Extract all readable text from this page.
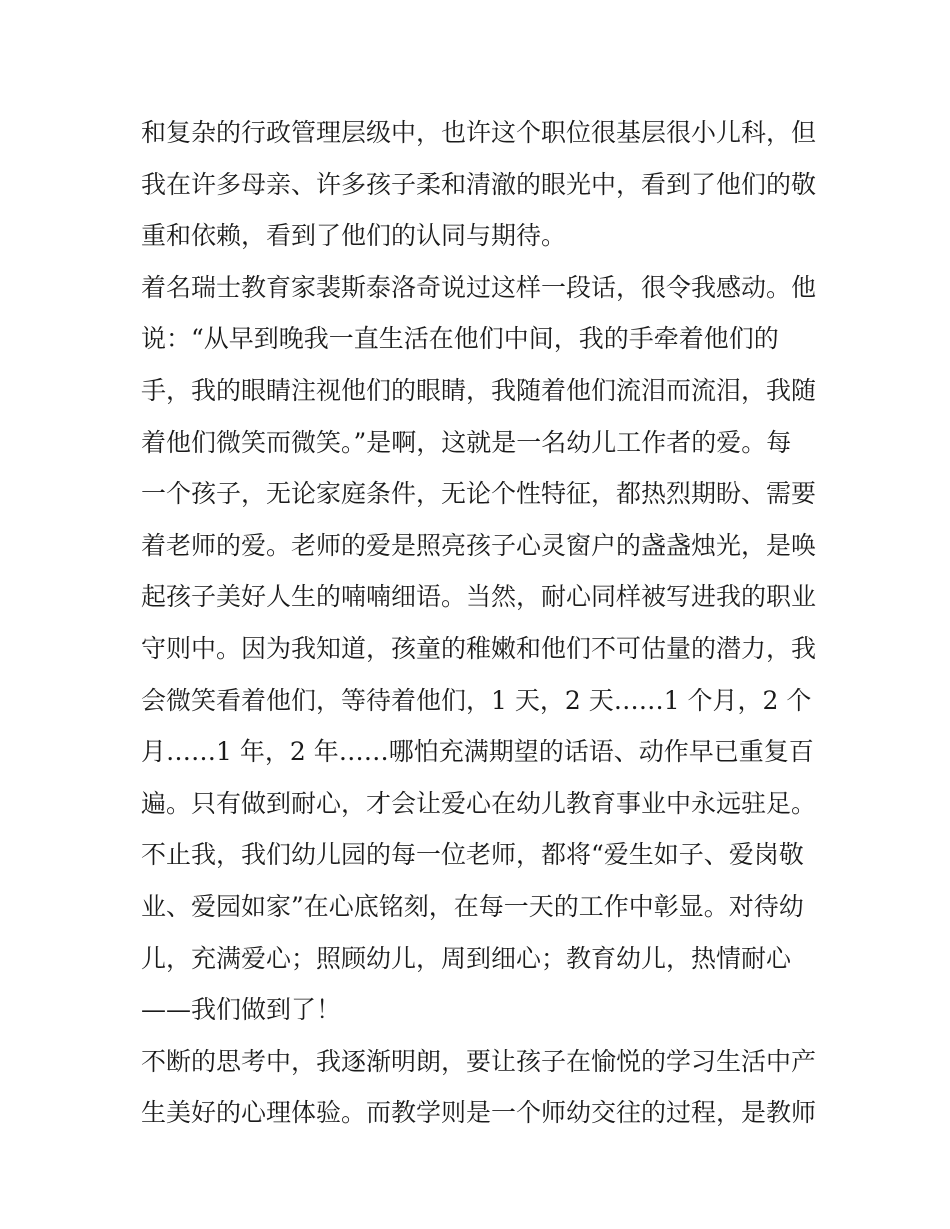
和复杂的行政管理层级中，也许这个职位很基层很小儿科，但
我在许多母亲、许多孩子柔和清澈的眼光中，看到了他们的敬
重和依赖，看到了他们的认同与期待。
着名瑞士教育家裴斯泰洛奇说过这样一段话，很令我感动。他
说：“从早到晚我一直生活在他们中间，我的手牵着他们的
手，我的眼睛注视他们的眼睛，我随着他们流泪而流泪，我随
着他们微笑而微笑。”是啊，这就是一名幼儿工作者的爱。每
一个孩子，无论家庭条件，无论个性特征，都热烈期盼、需要
着老师的爱。老师的爱是照亮孩子心灵窗户的盏盏烛光，是唤
起孩子美好人生的喃喃细语。当然，耐心同样被写进我的职业
守则中。因为我知道，孩童的稚嫩和他们不可估量的潜力，我
会微笑看着他们，等待着他们，1 天，2 天……1 个月，2 个
月……1 年，2 年……哪怕充满期望的话语、动作早已重复百
遍。只有做到耐心，才会让爱心在幼儿教育事业中永远驻足。
不止我，我们幼儿园的每一位老师，都将“爱生如子、爱岗敬
业、爱园如家”在心底铭刻，在每一天的工作中彰显。对待幼
儿，充满爱心；照顾幼儿，周到细心；教育幼儿，热情耐心
——我们做到了！
不断的思考中，我逐渐明朗，要让孩子在愉悦的学习生活中产
生美好的心理体验。而教学则是一个师幼交往的过程，是教师
